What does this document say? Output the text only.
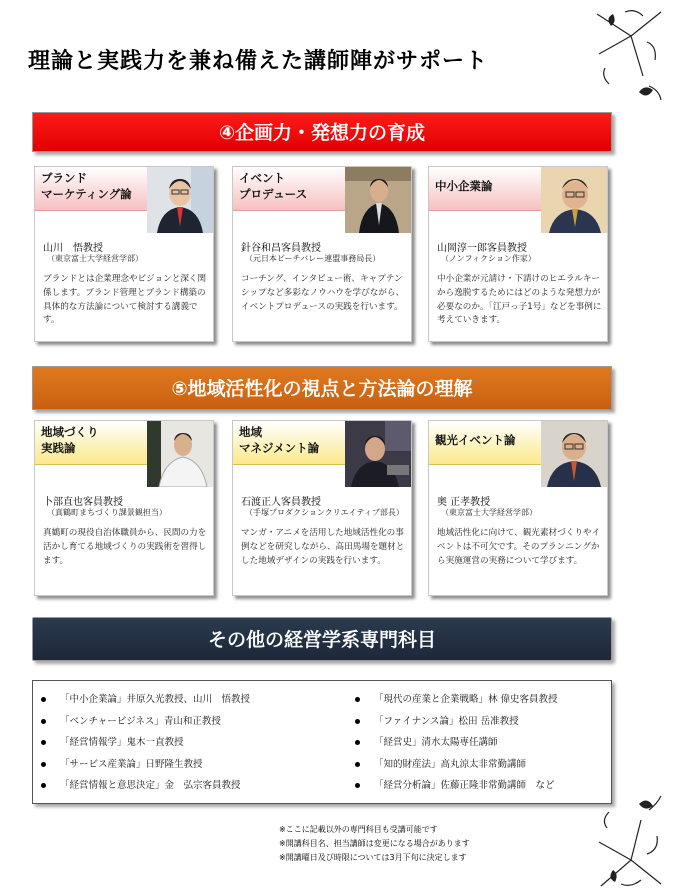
理論と実践力を兼ね備えた講師陣がサポート
④企画力・発想力の育成
ブランド
マーケティング論
山川　悟教授
（東京富士大学経営学部）
ブランドとは企業理念やビジョンと深く関係します。ブランド管理とブランド構築の具体的な方法論について検討する講義です。
イベント
プロデュース
針谷和昌客員教授
（元日本ビーチバレー連盟事務局長）
コーチング、インタビュー術、キャプテンシップなど多彩なノウハウを学びながら、イベントプロデュースの実践を行います。
中小企業論
山岡淳一郎客員教授
（ノンフィクション作家）
中小企業が元請け・下請けのヒエラルキーから逸脱するためにはどのような発想力が必要なのか。「江戸っ子1号」などを事例に考えていきます。
⑤地域活性化の視点と方法論の理解
地域づくり
実践論
卜部直也客員教授
（真鶴町まちづくり課景観担当）
真鶴町の現役自治体職員から、民間の力を活かし育てる地域づくりの実践術を習得します。
地域
マネジメント論
石渡正人客員教授
（手塚プロダクションクリエイティブ部長）
マンガ・アニメを活用した地域活性化の事例などを研究しながら、高田馬場を題材とした地域デザインの実践を行います。
観光イベント論
奥 正孝教授
（東京富士大学経営学部）
地域活性化に向けて、観光素材づくりやイベントは不可欠です。そのプランニングから実施運営の実務について学びます。
その他の経営学系専門科目
「中小企業論」井原久光教授、山川　悟教授
「ベンチャービジネス」青山和正教授
「経営情報学」鬼木一直教授
「サービス産業論」日野隆生教授
「経営情報と意思決定」金　弘宗客員教授
「現代の産業と企業戦略」林 偉史客員教授
「ファイナンス論」松田 岳准教授
「経営史」清水太陽専任講師
「知的財産法」高丸涼太非常勤講師
「経営分析論」佐藤正隆非常勤講師　など
※ここに記載以外の専門科目も受講可能です
※開講科目名、担当講師は変更になる場合があります
※開講曜日及び時限については3月下旬に決定します
